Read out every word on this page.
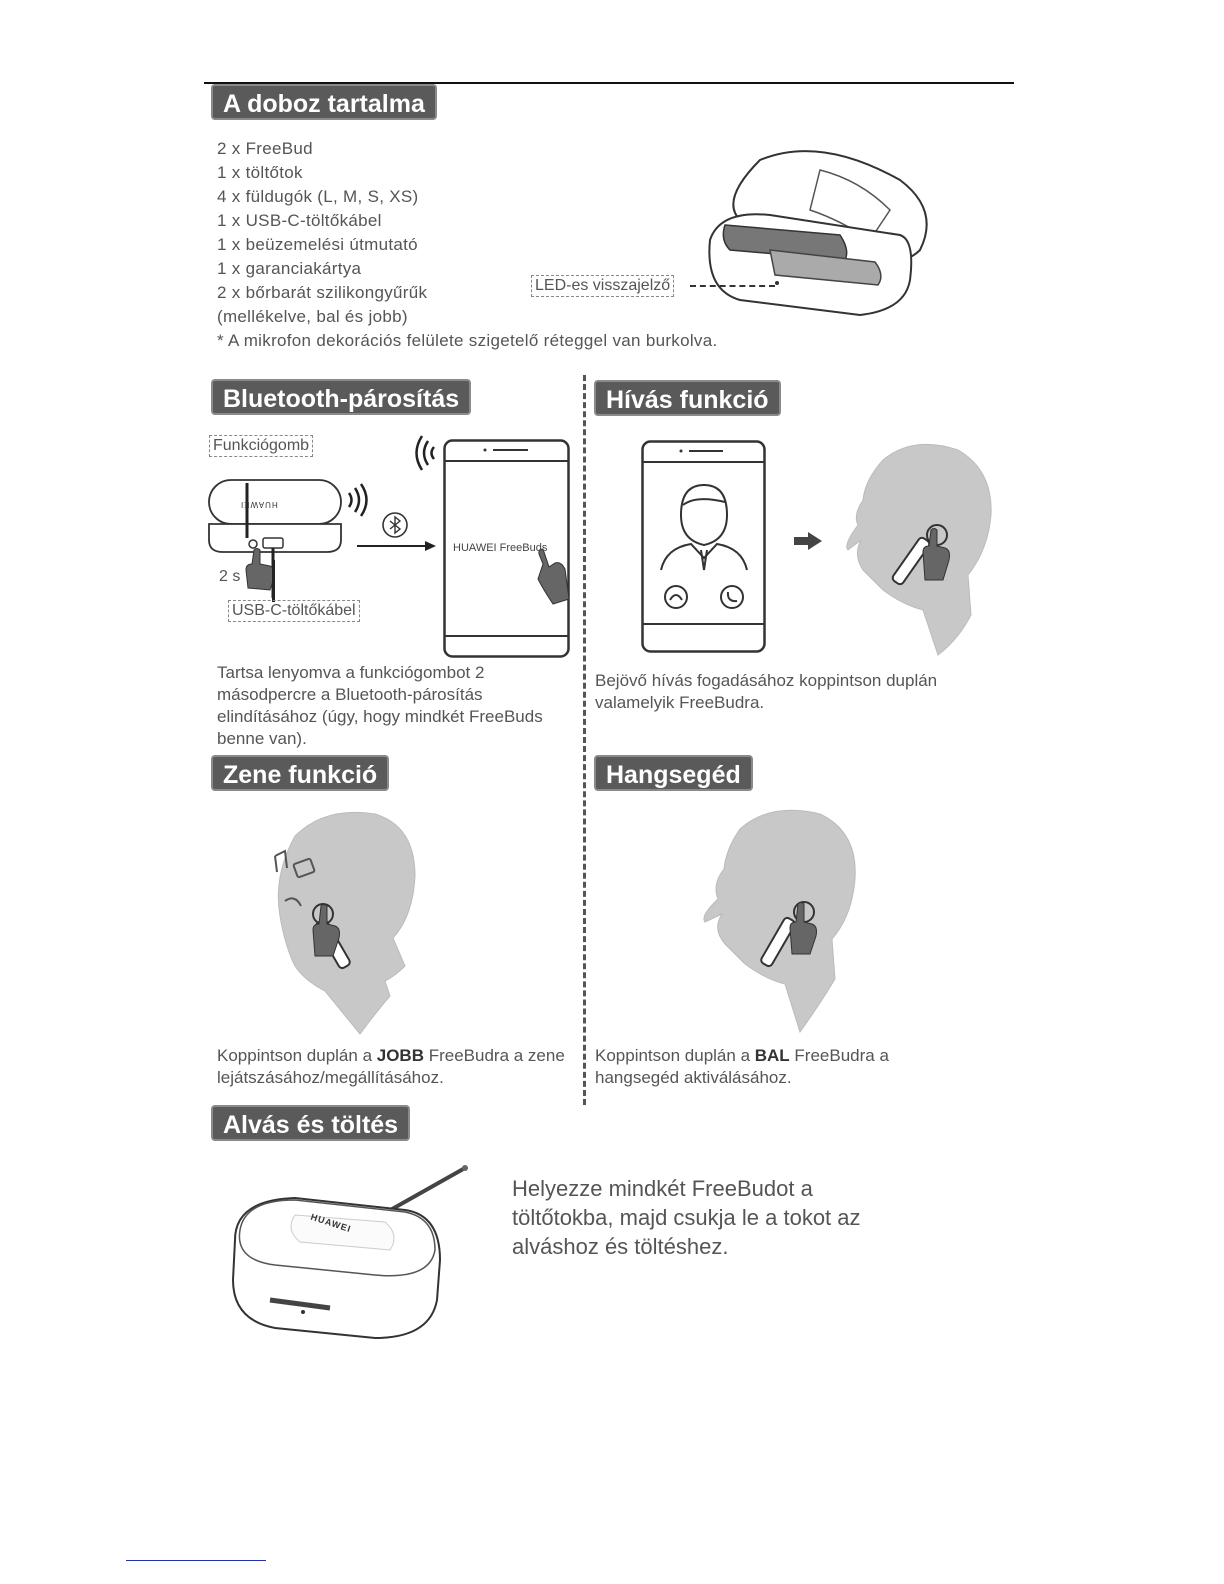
A doboz tartalma
2 x FreeBud
1 x töltőtok
4 x füldugók (L, M, S, XS)
1 x USB-C-töltőkábel
1 x beüzemelési útmutató
1 x garanciakártya
2 x bőrbarát szilikongyűrűk
(mellékelve, bal és jobb)
* A mikrofon dekorációs felülete szigetelő réteggel van burkolva.
LED-es visszajelző
Bluetooth-párosítás
Funkciógomb
HUAWEI
2 s
USB-C-töltőkábel
HUAWEI FreeBuds
Tartsa lenyomva a funkciógombot 2 másodpercre a Bluetooth-párosítás elindításához (úgy, hogy mindkét FreeBuds benne van).
Hívás funkció
Bejövő hívás fogadásához koppintson duplán valamelyik FreeBudra.
Zene funkció
Koppintson duplán a JOBB FreeBudra a zene lejátszásához/megállításához.
Hangsegéd
Koppintson duplán a BAL FreeBudra a hangsegéd aktiválásához.
Alvás és töltés
HUAWEI
Helyezze mindkét FreeBudot a töltőtokba, majd csukja le a tokot az alváshoz és töltéshez.
